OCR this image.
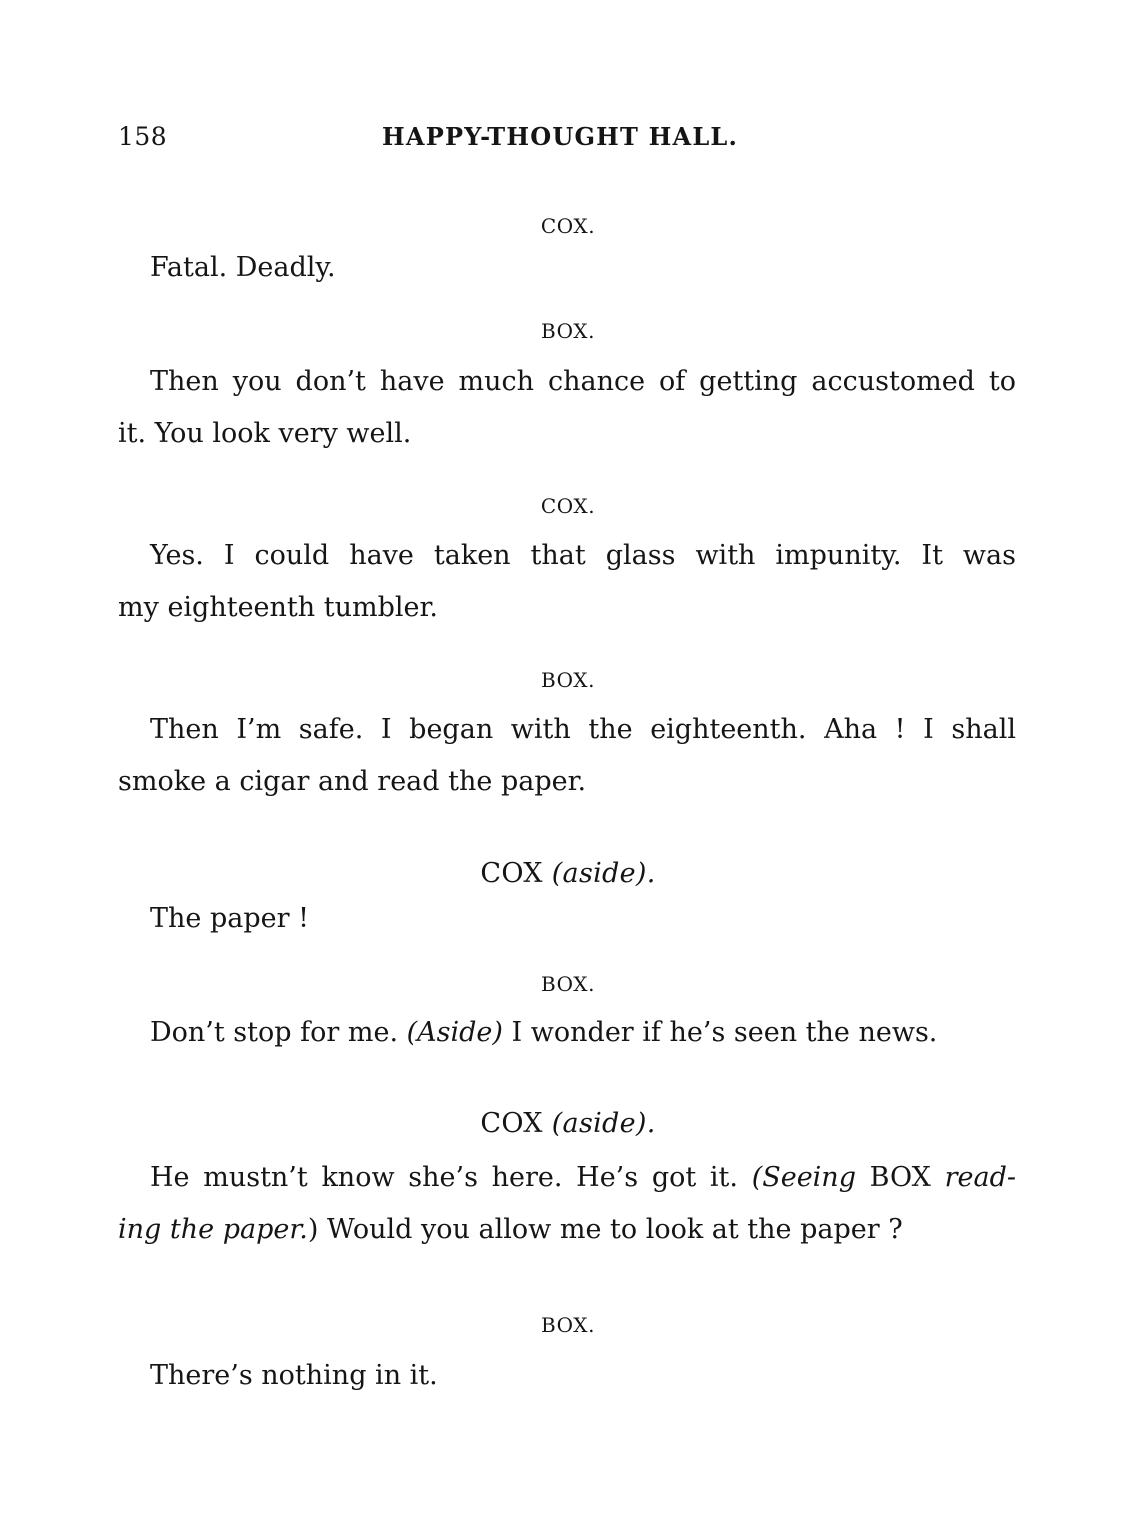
158	HAPPY-THOUGHT HALL.
COX.
Fatal. Deadly.
BOX.
Then you don’t have much chance of getting accustomed to
it. You look very well.
COX.
Yes. I could have taken that glass with impunity. It was
my eighteenth tumbler.
BOX.
Then I’m safe. I began with the eighteenth. Aha ! I shall
smoke a cigar and read the paper.
COX (aside).
The paper !
BOX.
Don’t stop for me. (Aside) I wonder if he’s seen the news.
COX (aside).
He mustn’t know she’s here. He’s got it. (Seeing BOX read-
ing the paper.) Would you allow me to look at the paper ?
BOX.
There’s nothing in it.
